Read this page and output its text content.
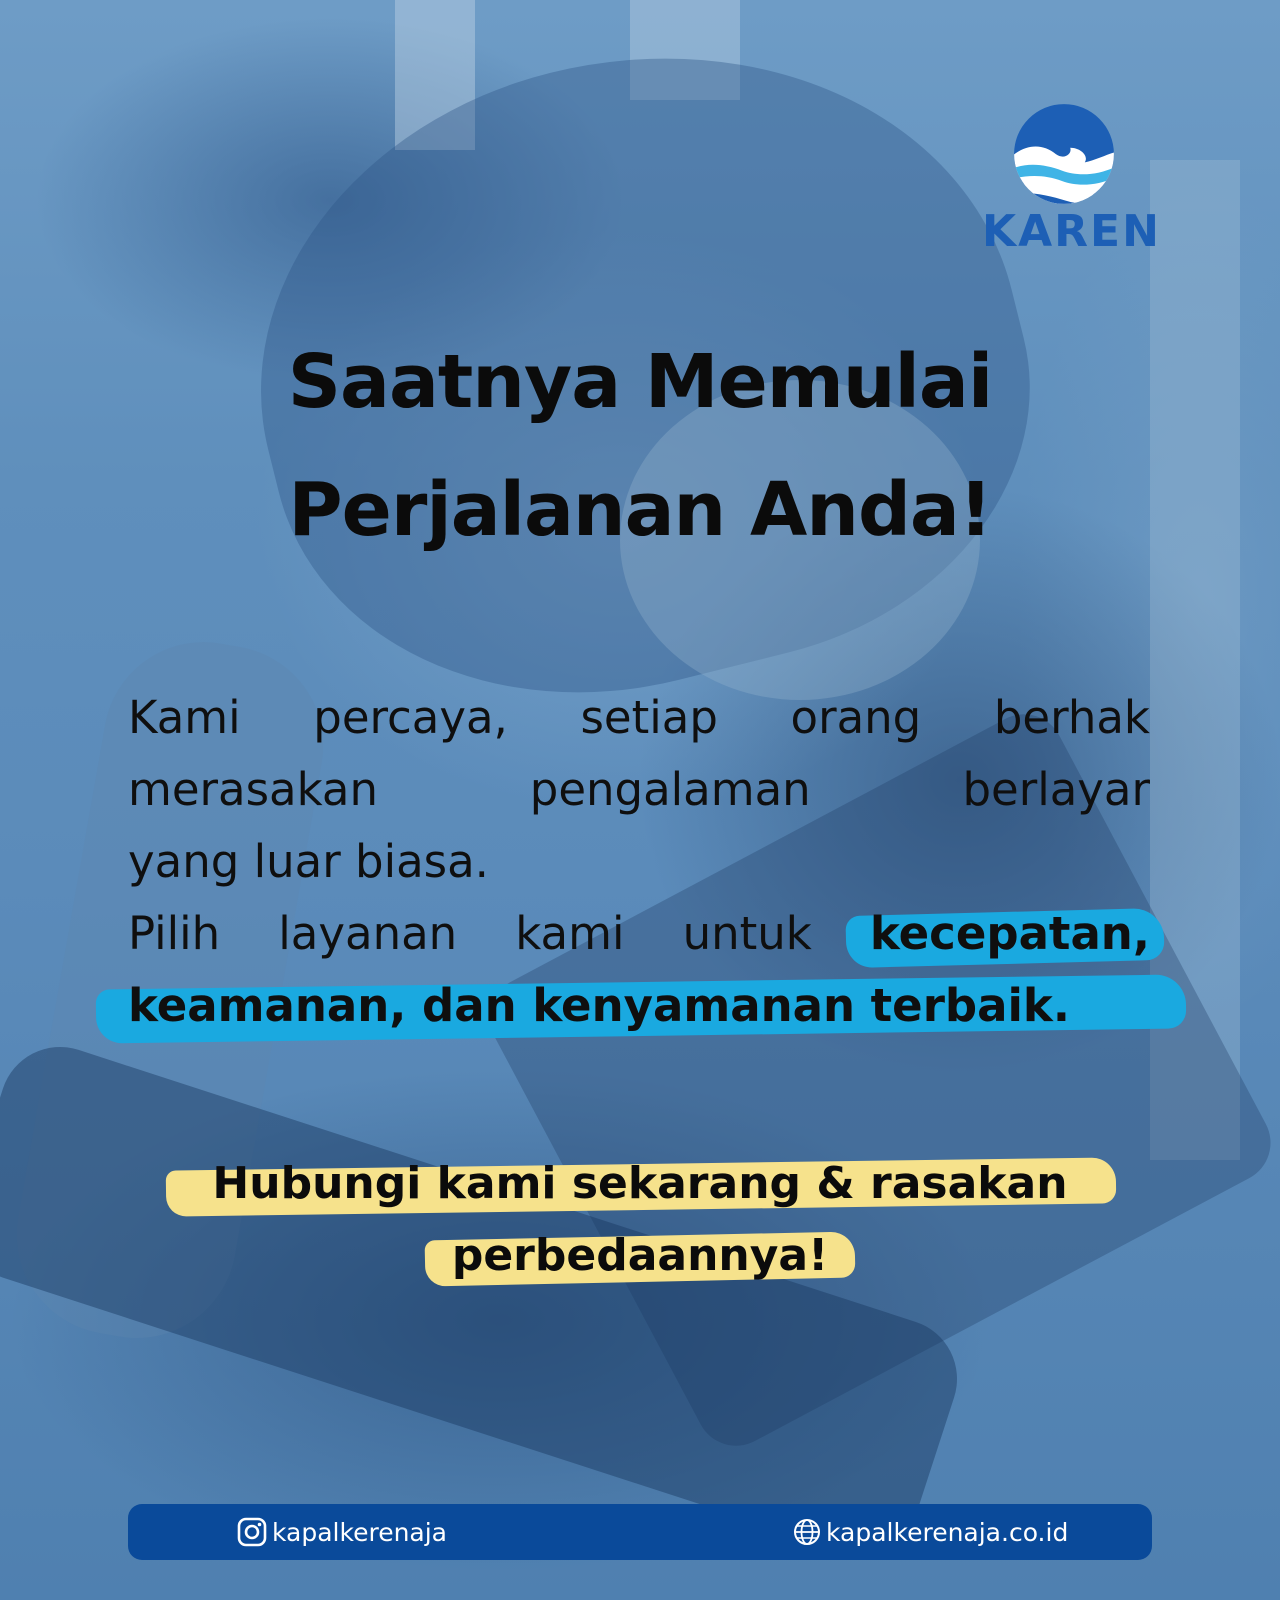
KAREN
Saatnya Memulai
Perjalanan Anda!
Kami percaya, setiap orang berhak
merasakan	pengalaman	berlayar
yang luar biasa.
Pilih layanan kami untuk kecepatan,
keamanan, dan kenyamanan terbaik.
Hubungi kami sekarang & rasakan
perbedaannya!
kapalkerenaja	kapalkerenaja.co.id
